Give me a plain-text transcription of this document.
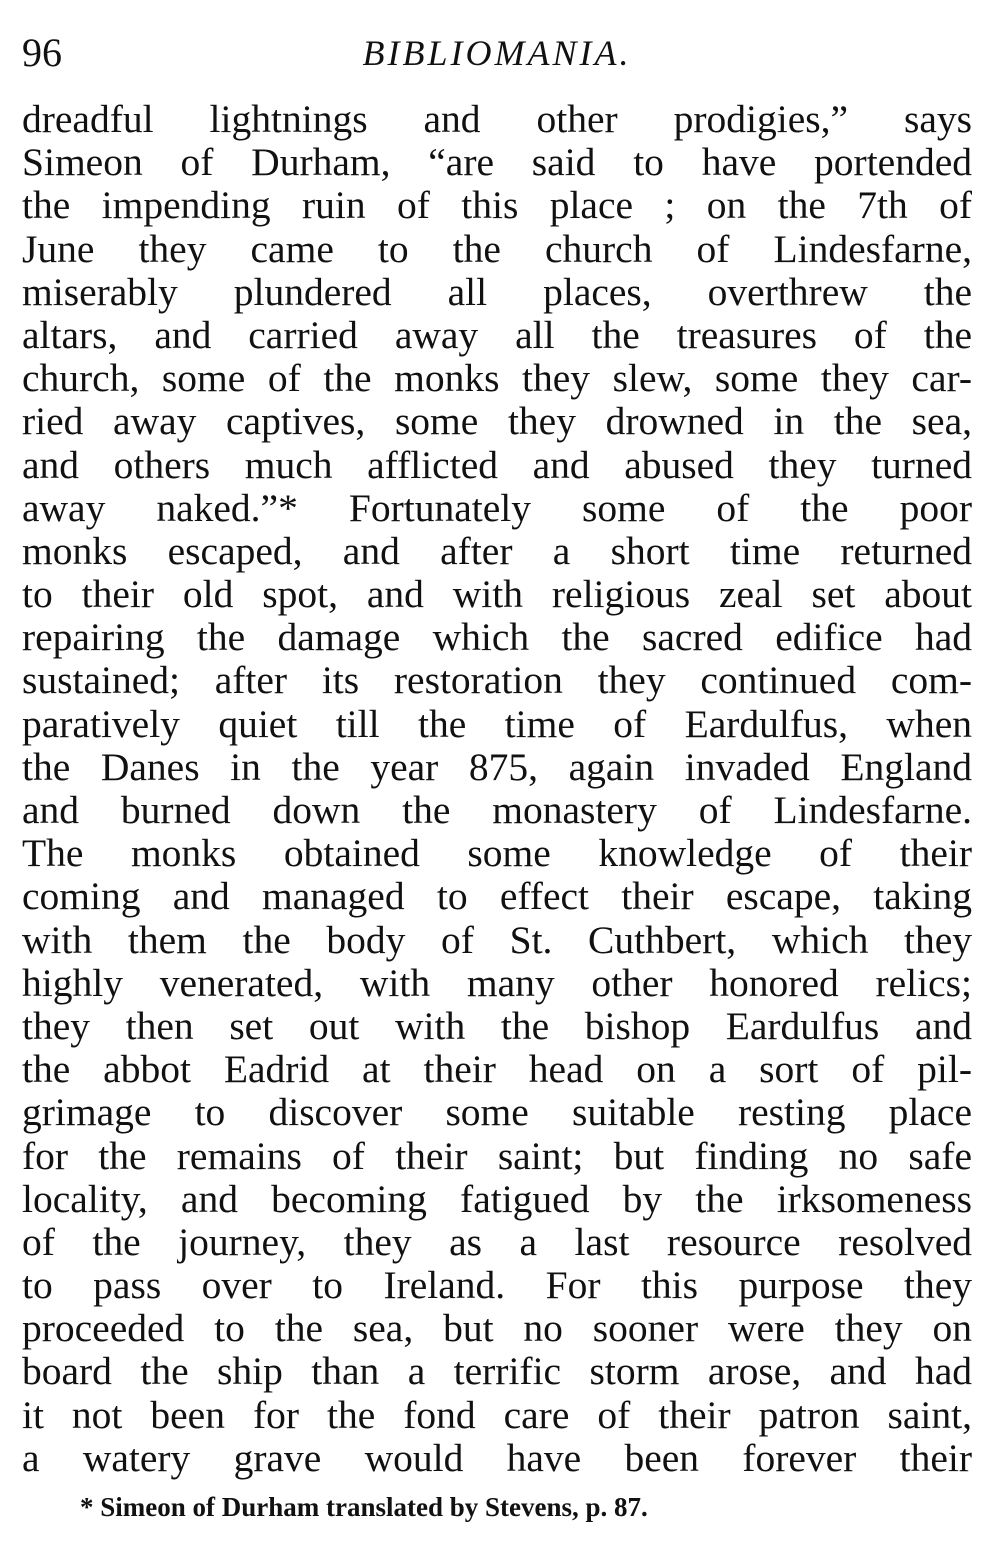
96	BIBLIOMANIA.
dreadful lightnings and other prodigies,” says
Simeon of Durham, “are said to have portended
the impending ruin of this place ; on the 7th of
June they came to the church of Lindesfarne,
miserably plundered all places, overthrew the
altars, and carried away all the treasures of the
church, some of the monks they slew, some they car-
ried away captives, some they drowned in the sea,
and others much afflicted and abused they turned
away naked.”* Fortunately some of the poor
monks escaped, and after a short time returned
to their old spot, and with religious zeal set about
repairing the damage which the sacred edifice had
sustained; after its restoration they continued com-
paratively quiet till the time of Eardulfus, when
the Danes in the year 875, again invaded England
and burned down the monastery of Lindesfarne.
The monks obtained some knowledge of their
coming and managed to effect their escape, taking
with them the body of St. Cuthbert, which they
highly venerated, with many other honored relics;
they then set out with the bishop Eardulfus and
the abbot Eadrid at their head on a sort of pil-
grimage to discover some suitable resting place
for the remains of their saint; but finding no safe
locality, and becoming fatigued by the irksomeness
of the journey, they as a last resource resolved
to pass over to Ireland. For this purpose they
proceeded to the sea, but no sooner were they on
board the ship than a terrific storm arose, and had
it not been for the fond care of their patron saint,
a watery grave would have been forever their
* Simeon of Durham translated by Stevens, p. 87.
